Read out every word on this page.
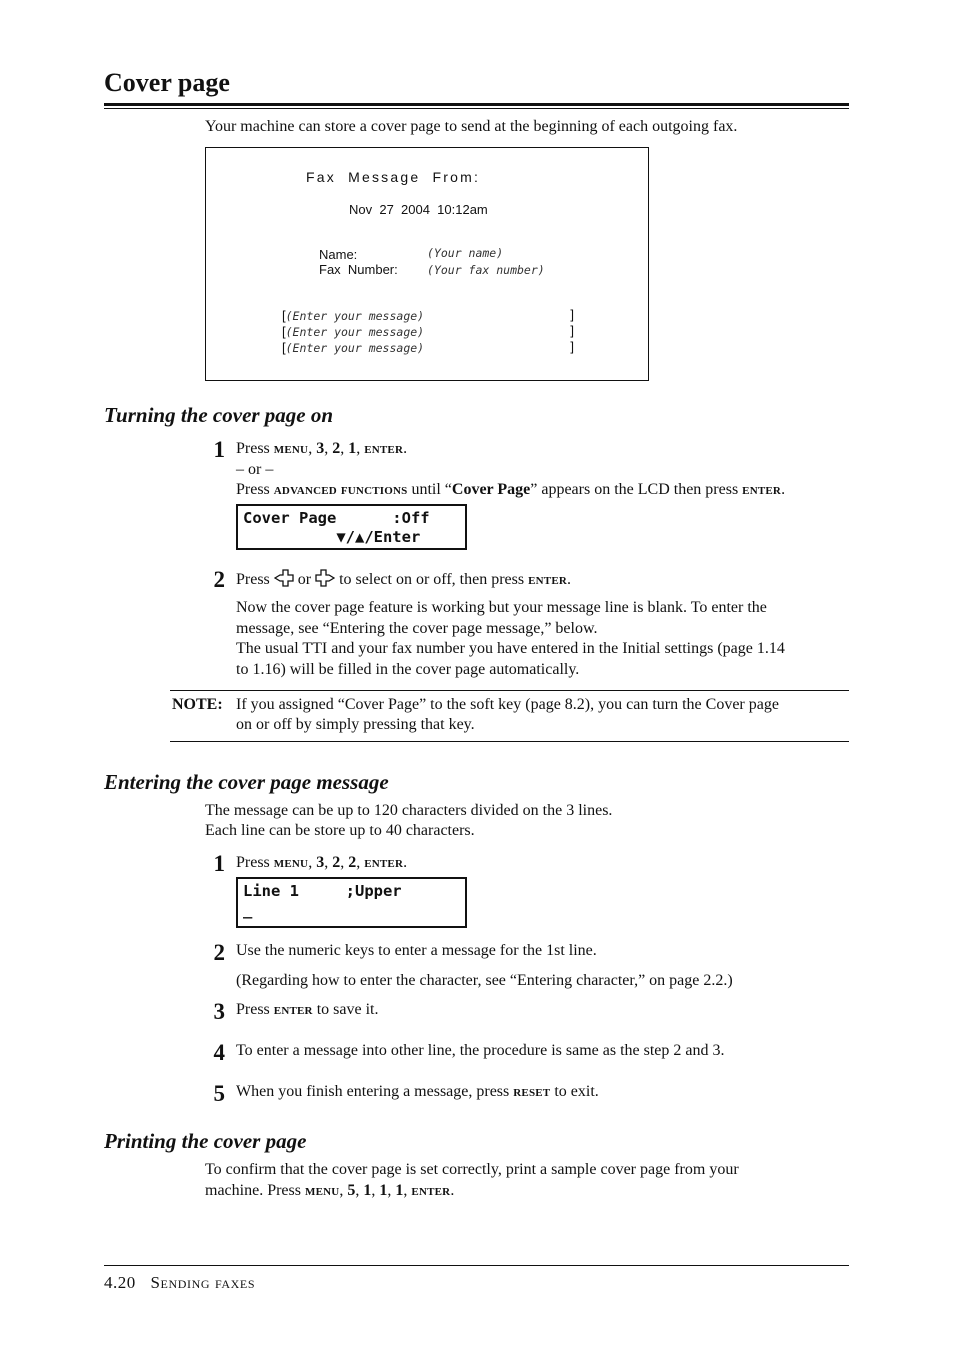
Cover page
Your machine can store a cover page to send at the beginning of each outgoing fax.
Fax  Message  From:
Nov  27  2004  10:12am
Name:	(Your name)
Fax  Number:	(Your fax number)
[(Enter your message)	]
[(Enter your message)	]
[(Enter your message)	]
Turning the cover page on
1 Press menu, 3, 2, 1, enter.
– or –
Press advanced functions until “Cover Page” appears on the LCD then press enter.
Cover Page      :Off
▼/▲/Enter
2 Press or to select on or off, then press enter.
Now the cover page feature is working but your message line is blank. To enter the
message, see “Entering the cover page message,” below.
The usual TTI and your fax number you have entered in the Initial settings (page 1.14
to 1.16) will be filled in the cover page automatically.
NOTE: If you assigned “Cover Page” to the soft key (page 8.2), you can turn the Cover page
on or off by simply pressing that key.
Entering the cover page message
The message can be up to 120 characters divided on the 3 lines.
Each line can be store up to 40 characters.
1 Press menu, 3, 2, 2, enter.
Line 1     ;Upper
_
2 Use the numeric keys to enter a message for the 1st line.
(Regarding how to enter the character, see “Entering character,” on page 2.2.)
3 Press enter to save it.
4 To enter a message into other line, the procedure is same as the step 2 and 3.
5 When you finish entering a message, press reset to exit.
Printing the cover page
To confirm that the cover page is set correctly, print a sample cover page from your
machine. Press menu, 5, 1, 1, 1, enter.
4.20 Sending faxes
